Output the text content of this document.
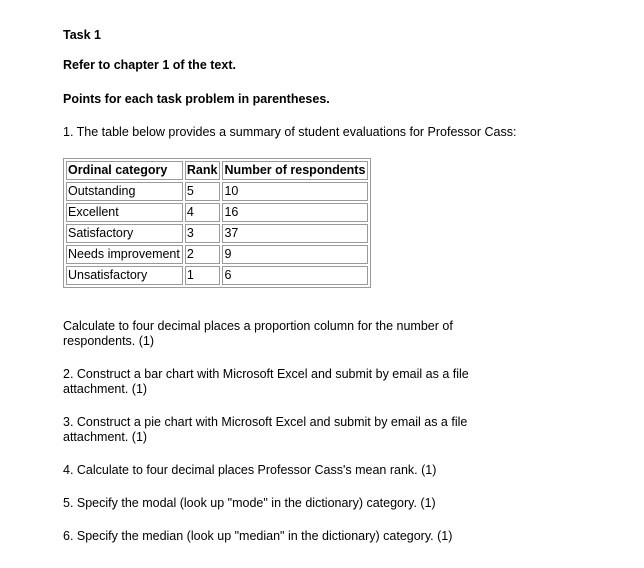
Task 1

Refer to chapter 1 of the text.

Points for each task problem in parentheses.

1. The table below provides a summary of student evaluations for Professor Cass:

Ordinal category	Rank	Number of respondents
Outstanding	5	10
Excellent	4	16
Satisfactory	3	37
Needs improvement	2	9
Unsatisfactory	1	6

Calculate to four decimal places a proportion column for the number of respondents. (1)

2. Construct a bar chart with Microsoft Excel and submit by email as a file attachment. (1)

3. Construct a pie chart with Microsoft Excel and submit by email as a file attachment. (1)

4. Calculate to four decimal places Professor Cass's mean rank. (1)

5. Specify the modal (look up "mode" in the dictionary) category. (1)

6. Specify the median (look up "median" in the dictionary) category. (1)
